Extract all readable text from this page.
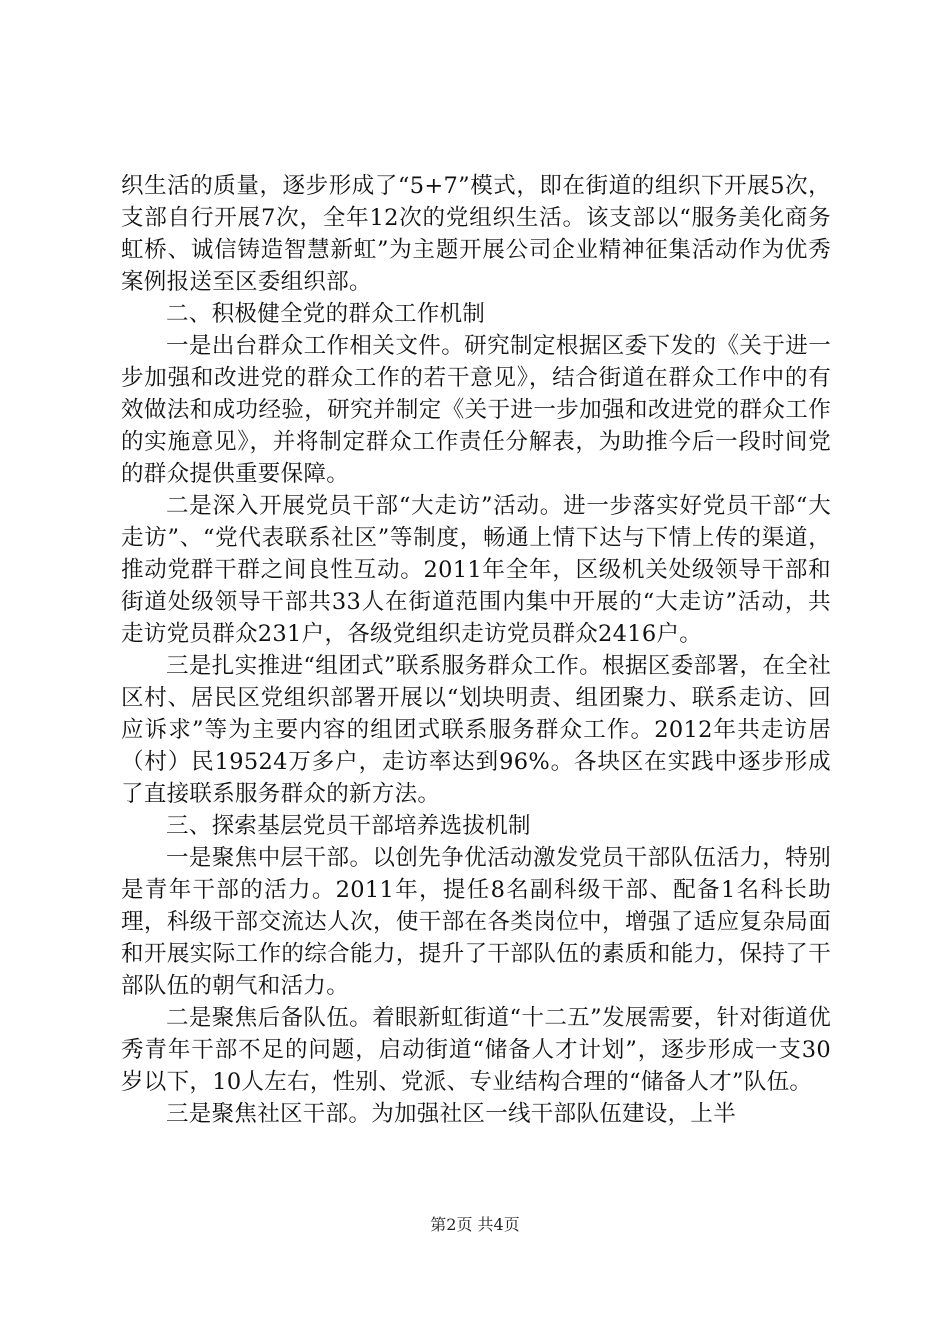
织生活的质量，逐步形成了“5+7”模式，即在街道的组织下开展5次，支部自行开展7次，全年12次的党组织生活。该支部以“服务美化商务虹桥、诚信铸造智慧新虹”为主题开展公司企业精神征集活动作为优秀案例报送至区委组织部。

二、积极健全党的群众工作机制

一是出台群众工作相关文件。研究制定根据区委下发的《关于进一步加强和改进党的群众工作的若干意见》，结合街道在群众工作中的有效做法和成功经验，研究并制定《关于进一步加强和改进党的群众工作的实施意见》，并将制定群众工作责任分解表，为助推今后一段时间党的群众提供重要保障。

二是深入开展党员干部“大走访”活动。进一步落实好党员干部“大走访”、“党代表联系社区”等制度，畅通上情下达与下情上传的渠道，推动党群干群之间良性互动。2011年全年，区级机关处级领导干部和街道处级领导干部共33人在街道范围内集中开展的“大走访”活动，共走访党员群众231户，各级党组织走访党员群众2416户。

三是扎实推进“组团式”联系服务群众工作。根据区委部署，在全社区村、居民区党组织部署开展以“划块明责、组团聚力、联系走访、回应诉求”等为主要内容的组团式联系服务群众工作。2012年共走访居（村）民19524万多户，走访率达到96%。各块区在实践中逐步形成了直接联系服务群众的新方法。

三、探索基层党员干部培养选拔机制

一是聚焦中层干部。以创先争优活动激发党员干部队伍活力，特别是青年干部的活力。2011年，提任8名副科级干部、配备1名科长助理，科级干部交流达人次，使干部在各类岗位中，增强了适应复杂局面和开展实际工作的综合能力，提升了干部队伍的素质和能力，保持了干部队伍的朝气和活力。

二是聚焦后备队伍。着眼新虹街道“十二五”发展需要，针对街道优秀青年干部不足的问题，启动街道“储备人才计划”，逐步形成一支30岁以下，10人左右，性别、党派、专业结构合理的“储备人才”队伍。

三是聚焦社区干部。为加强社区一线干部队伍建设，上半

第2页 共4页
